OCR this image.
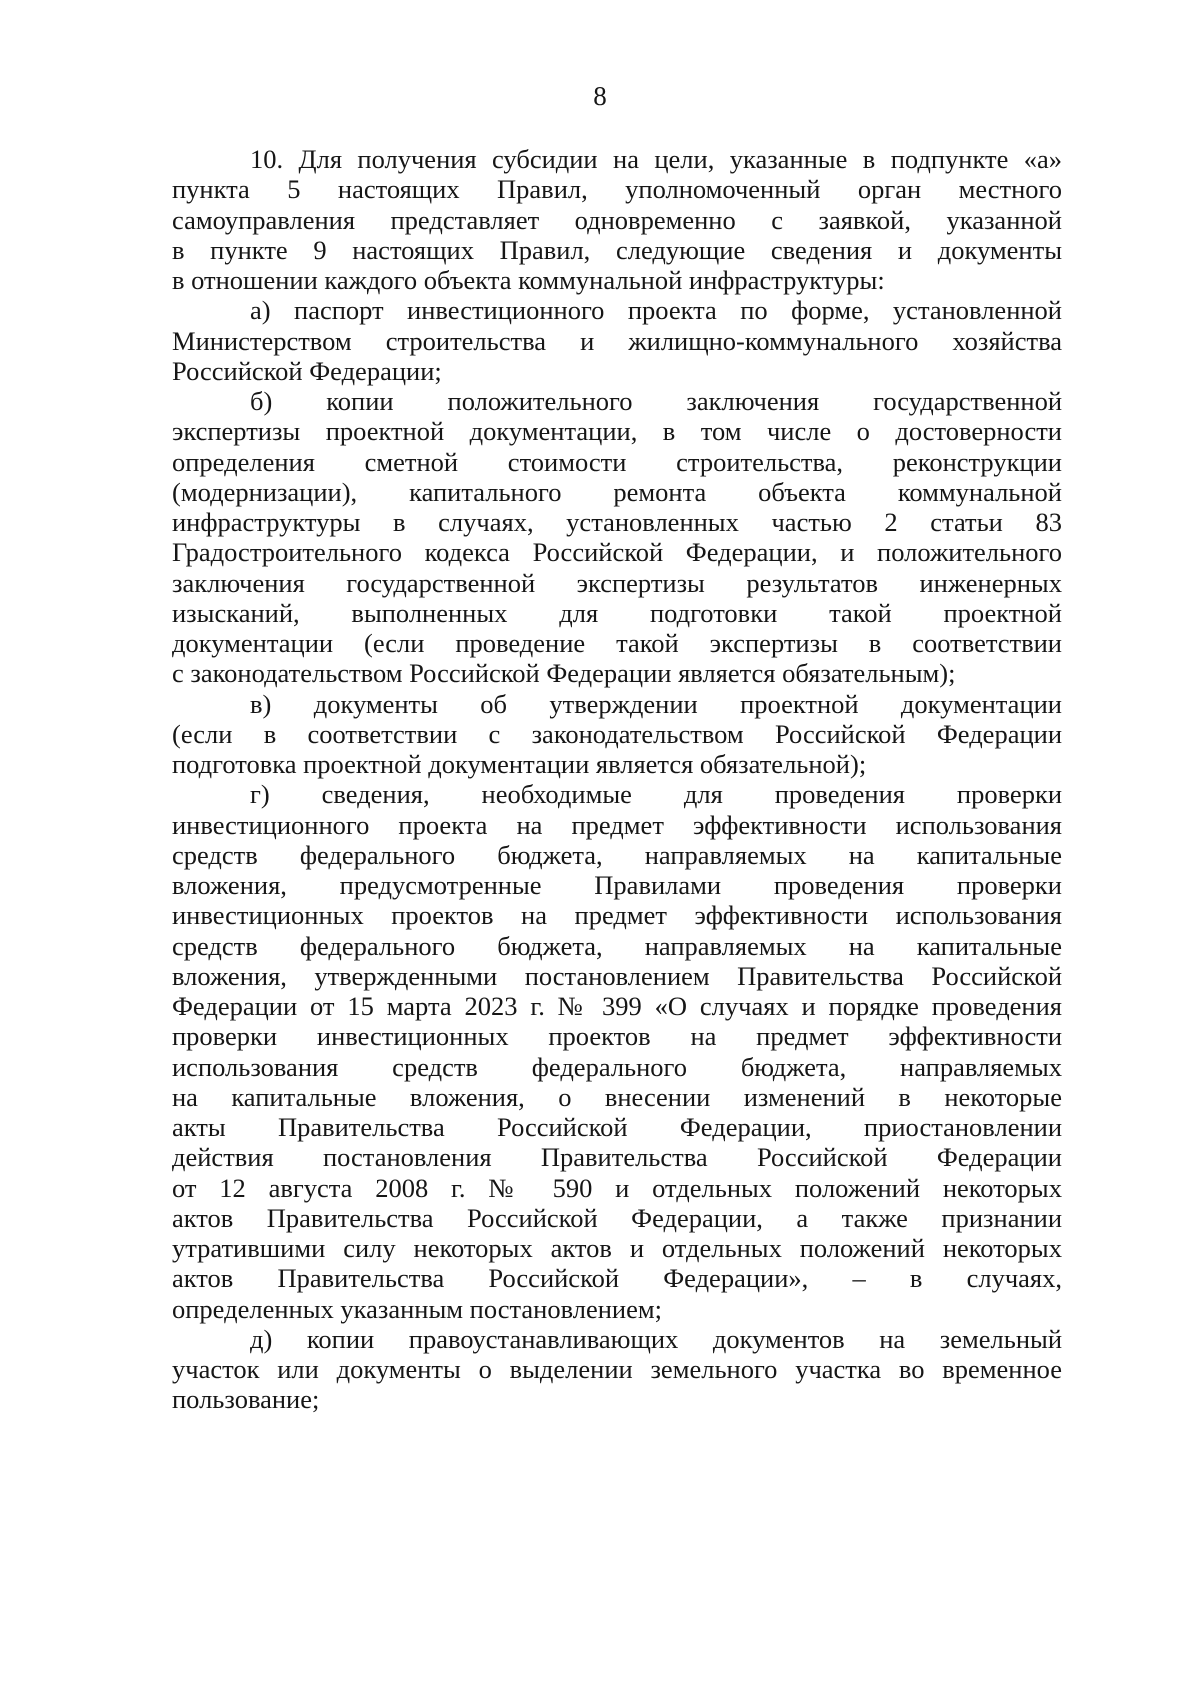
8
10. Для получения субсидии на цели, указанные в подпункте «а»
пункта 5 настоящих Правил, уполномоченный орган местного
самоуправления представляет одновременно с заявкой, указанной
в пункте 9 настоящих Правил, следующие сведения и документы
в отношении каждого объекта коммунальной инфраструктуры:
а) паспорт инвестиционного проекта по форме, установленной
Министерством строительства и жилищно-коммунального хозяйства
Российской Федерации;
б) копии положительного заключения государственной
экспертизы проектной документации, в том числе о достоверности
определения сметной стоимости строительства, реконструкции
(модернизации), капитального ремонта объекта коммунальной
инфраструктуры в случаях, установленных частью 2 статьи 83
Градостроительного кодекса Российской Федерации, и положительного
заключения государственной экспертизы результатов инженерных
изысканий, выполненных для подготовки такой проектной
документации (если проведение такой экспертизы в соответствии
с законодательством Российской Федерации является обязательным);
в) документы об утверждении проектной документации
(если в соответствии с законодательством Российской Федерации
подготовка проектной документации является обязательной);
г) сведения, необходимые для проведения проверки
инвестиционного проекта на предмет эффективности использования
средств федерального бюджета, направляемых на капитальные
вложения, предусмотренные Правилами проведения проверки
инвестиционных проектов на предмет эффективности использования
средств федерального бюджета, направляемых на капитальные
вложения, утвержденными постановлением Правительства Российской
Федерации от 15 марта 2023 г. № 399 «О случаях и порядке проведения
проверки инвестиционных проектов на предмет эффективности
использования средств федерального бюджета, направляемых
на капитальные вложения, о внесении изменений в некоторые
акты Правительства Российской Федерации, приостановлении
действия постановления Правительства Российской Федерации
от 12 августа 2008 г. № 590 и отдельных положений некоторых
актов Правительства Российской Федерации, а также признании
утратившими силу некоторых актов и отдельных положений некоторых
актов Правительства Российской Федерации», – в случаях,
определенных указанным постановлением;
д) копии правоустанавливающих документов на земельный
участок или документы о выделении земельного участка во временное
пользование;
